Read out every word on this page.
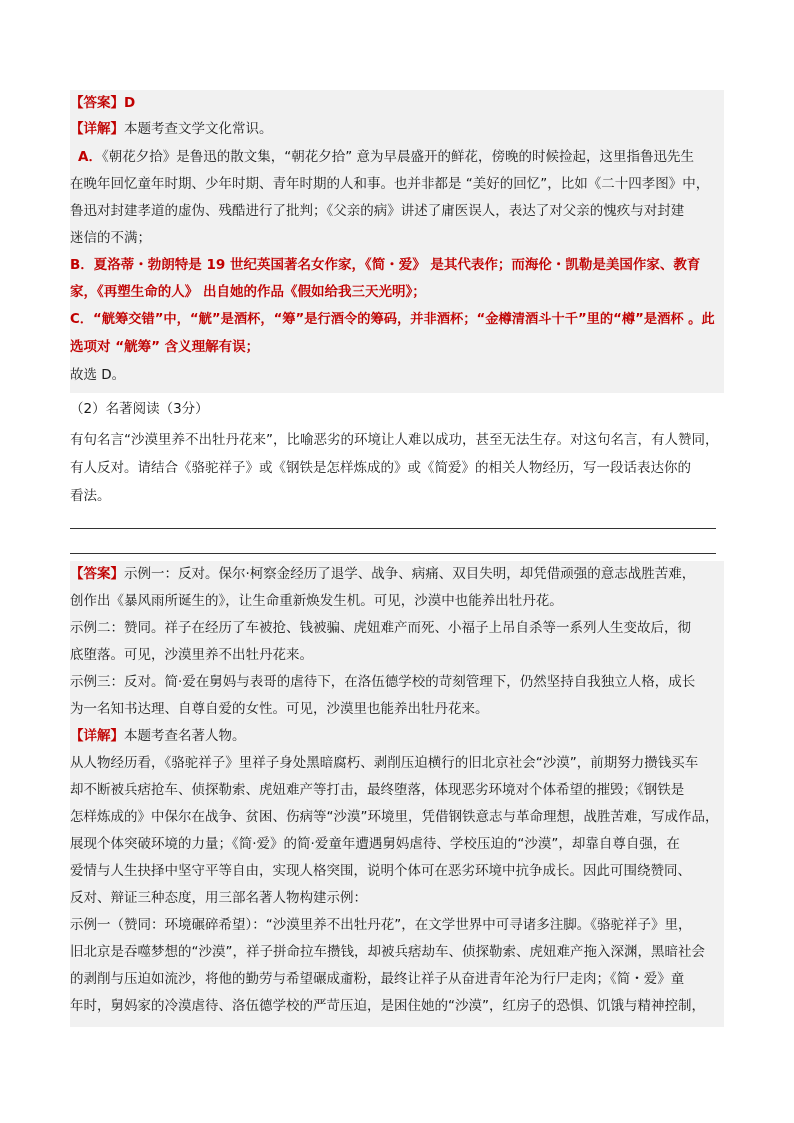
【答案】D
【详解】本题考查文学文化常识。
A．《朝花夕拾》是鲁迅的散文集，“朝花夕拾” 意为早晨盛开的鲜花，傍晚的时候捡起，这里指鲁迅先生
在晚年回忆童年时期、少年时期、青年时期的人和事。也并非都是 “美好的回忆”，比如《二十四孝图》中，
鲁迅对封建孝道的虚伪、残酷进行了批判；《父亲的病》讲述了庸医误人，表达了对父亲的愧疚与对封建
迷信的不满；
B．夏洛蒂・勃朗特是 19 世纪英国著名女作家，《简・爱》 是其代表作；而海伦・凯勒是美国作家、教育
家，《再塑生命的人》 出自她的作品《假如给我三天光明》；
C．“觥筹交错”中，“觥”是酒杯，“筹”是行酒令的筹码，并非酒杯；“金樽清酒斗十千”里的“樽”是酒杯 。此
选项对 “觥筹” 含义理解有误；
故选 D。
（2）名著阅读（3分）
有句名言“沙漠里养不出牡丹花来”，比喻恶劣的环境让人难以成功，甚至无法生存。对这句名言，有人赞同，
有人反对。请结合《骆驼祥子》或《钢铁是怎样炼成的》或《简爱》的相关人物经历，写一段话表达你的
看法。
【答案】示例一：反对。保尔·柯察金经历了退学、战争、病痛、双目失明，却凭借顽强的意志战胜苦难，
创作出《暴风雨所诞生的》，让生命重新焕发生机。可见，沙漠中也能养出牡丹花。
示例二：赞同。祥子在经历了车被抢、钱被骗、虎妞难产而死、小福子上吊自杀等一系列人生变故后，彻
底堕落。可见，沙漠里养不出牡丹花来。
示例三：反对。简·爱在舅妈与表哥的虐待下，在洛伍德学校的苛刻管理下，仍然坚持自我独立人格，成长
为一名知书达理、自尊自爱的女性。可见，沙漠里也能养出牡丹花来。
【详解】本题考查名著人物。
从人物经历看，《骆驼祥子》里祥子身处黑暗腐朽、剥削压迫横行的旧北京社会“沙漠”，前期努力攒钱买车
却不断被兵痞抢车、侦探勒索、虎妞难产等打击，最终堕落，体现恶劣环境对个体希望的摧毁；《钢铁是
怎样炼成的》中保尔在战争、贫困、伤病等“沙漠”环境里，凭借钢铁意志与革命理想，战胜苦难，写成作品，
展现个体突破环境的力量；《简·爱》的简·爱童年遭遇舅妈虐待、学校压迫的“沙漠”，却靠自尊自强，在
爱情与人生抉择中坚守平等自由，实现人格突围，说明个体可在恶劣环境中抗争成长。因此可围绕赞同、
反对、辩证三种态度，用三部名著人物构建示例：
示例一（赞同：环境碾碎希望）：“沙漠里养不出牡丹花”，在文学世界中可寻诸多注脚。《骆驼祥子》里，
旧北京是吞噬梦想的“沙漠”，祥子拼命拉车攒钱，却被兵痞劫车、侦探勒索、虎妞难产拖入深渊，黑暗社会
的剥削与压迫如流沙，将他的勤劳与希望碾成齑粉，最终让祥子从奋进青年沦为行尸走肉；《简・爱》童
年时，舅妈家的冷漠虐待、洛伍德学校的严苛压迫，是困住她的“沙漠”，红房子的恐惧、饥饿与精神控制，
